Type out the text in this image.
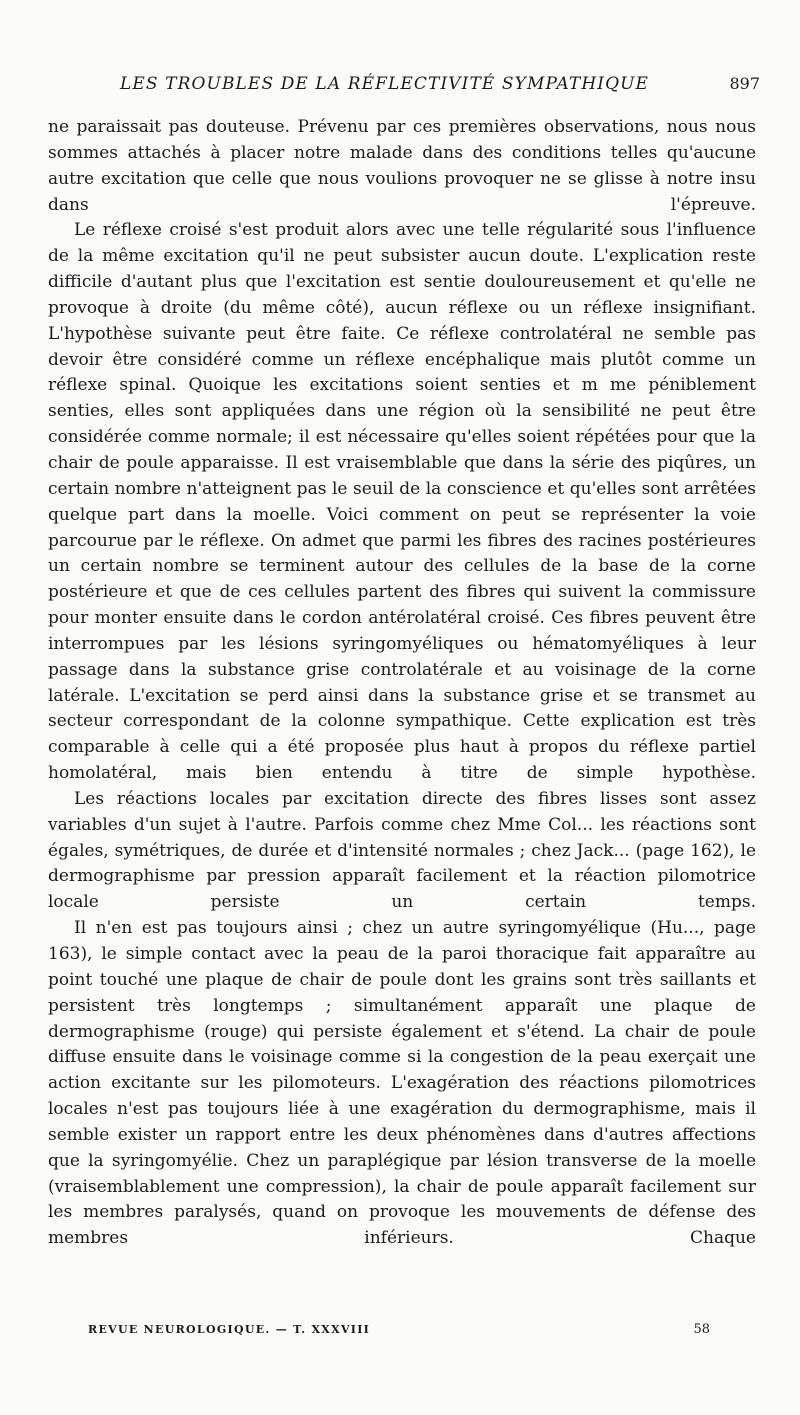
LES TROUBLES DE LA RÉFLECTIVITÉ SYMPATHIQUE	897

ne paraissait pas douteuse. Prévenu par ces premières observations, nous nous sommes attachés à placer notre malade dans des conditions telles qu'aucune autre excitation que celle que nous voulions provoquer ne se glisse à notre insu dans l'épreuve.

Le réflexe croisé s'est produit alors avec une telle régularité sous l'influence de la même excitation qu'il ne peut subsister aucun doute. L'explication reste difficile d'autant plus que l'excitation est sentie douloureusement et qu'elle ne provoque à droite (du même côté), aucun réflexe ou un réflexe insignifiant. L'hypothèse suivante peut être faite. Ce réflexe controlatéral ne semble pas devoir être considéré comme un réflexe encéphalique mais plutôt comme un réflexe spinal. Quoique les excitations soient senties et m me péniblement senties, elles sont appliquées dans une région où la sensibilité ne peut être considérée comme normale; il est nécessaire qu'elles soient répétées pour que la chair de poule apparaisse. Il est vraisemblable que dans la série des piqûres, un certain nombre n'atteignent pas le seuil de la conscience et qu'elles sont arrêtées quelque part dans la moelle. Voici comment on peut se représenter la voie parcourue par le réflexe. On admet que parmi les fibres des racines postérieures un certain nombre se terminent autour des cellules de la base de la corne postérieure et que de ces cellules partent des fibres qui suivent la commissure pour monter ensuite dans le cordon antérolatéral croisé. Ces fibres peuvent être interrompues par les lésions syringomyéliques ou hématomyéliques à leur passage dans la substance grise controlatérale et au voisinage de la corne latérale. L'excitation se perd ainsi dans la substance grise et se transmet au secteur correspondant de la colonne sympathique. Cette explication est très comparable à celle qui a été proposée plus haut à propos du réflexe partiel homolatéral, mais bien entendu à titre de simple hypothèse.

Les réactions locales par excitation directe des fibres lisses sont assez variables d'un sujet à l'autre. Parfois comme chez Mme Col... les réactions sont égales, symétriques, de durée et d'intensité normales ; chez Jack... (page 162), le dermographisme par pression apparaît facilement et la réaction pilomotrice locale persiste un certain temps.

Il n'en est pas toujours ainsi ; chez un autre syringomyélique (Hu..., page 163), le simple contact avec la peau de la paroi thoracique fait apparaître au point touché une plaque de chair de poule dont les grains sont très saillants et persistent très longtemps ; simultanément apparaît une plaque de dermographisme (rouge) qui persiste également et s'étend. La chair de poule diffuse ensuite dans le voisinage comme si la congestion de la peau exerçait une action excitante sur les pilomoteurs. L'exagération des réactions pilomotrices locales n'est pas toujours liée à une exagération du dermographisme, mais il semble exister un rapport entre les deux phénomènes dans d'autres affections que la syringomyélie. Chez un paraplégique par lésion transverse de la moelle (vraisemblablement une compression), la chair de poule apparaît facilement sur les membres paralysés, quand on provoque les mouvements de défense des membres inférieurs. Chaque

REVUE NEUROLOGIQUE. — T. XXXVIII	58
